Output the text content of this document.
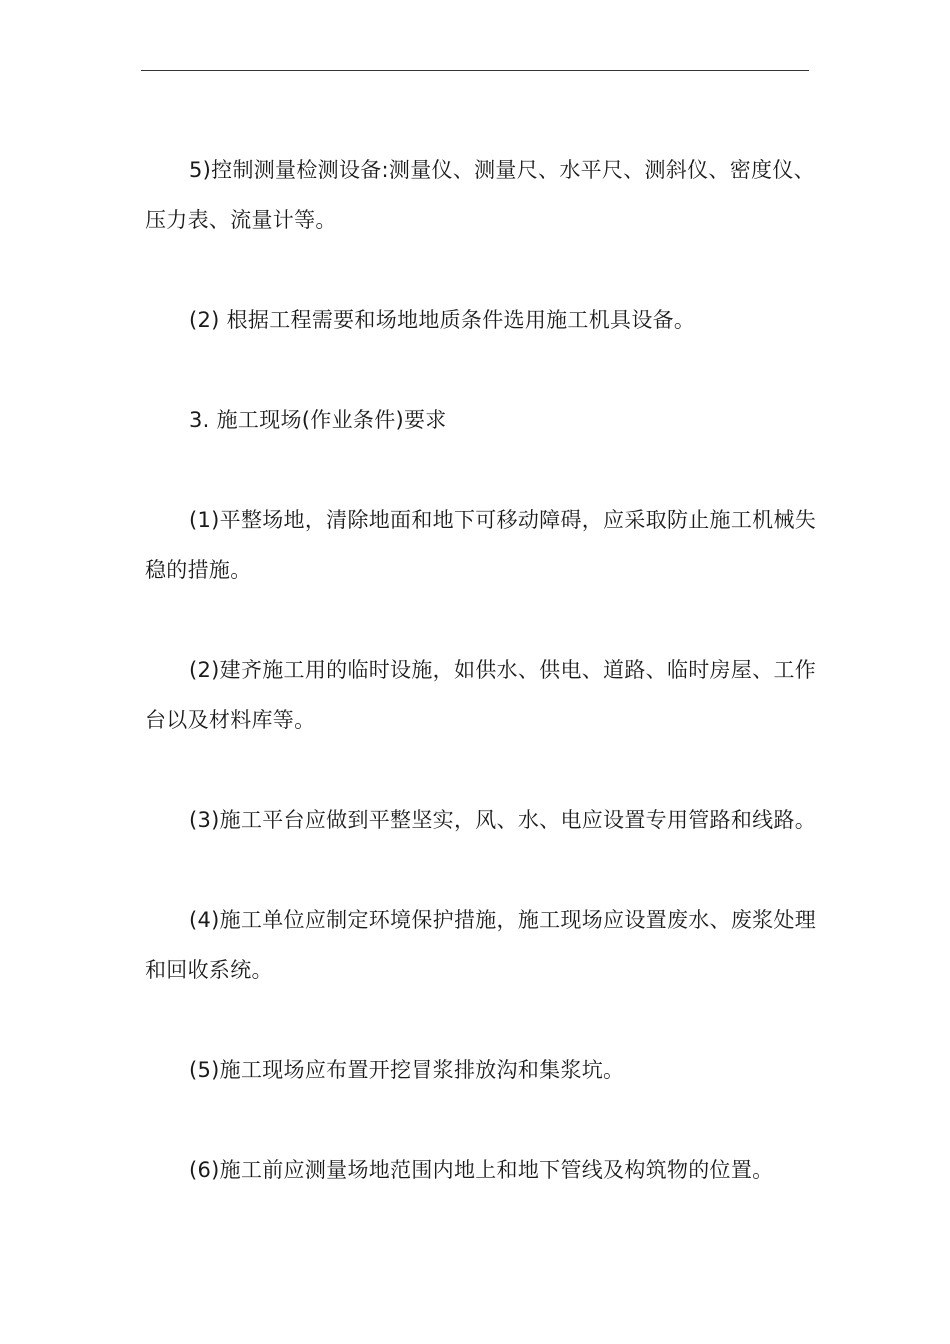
5)控制测量检测设备:测量仪、测量尺、水平尺、测斜仪、密度仪、压力表、流量计等。

(2) 根据工程需要和场地地质条件选用施工机具设备。

3. 施工现场(作业条件)要求

(1)平整场地，清除地面和地下可移动障碍，应采取防止施工机械失稳的措施。

(2)建齐施工用的临时设施，如供水、供电、道路、临时房屋、工作台以及材料库等。

(3)施工平台应做到平整坚实，风、水、电应设置专用管路和线路。

(4)施工单位应制定环境保护措施，施工现场应设置废水、废浆处理和回收系统。

(5)施工现场应布置开挖冒浆排放沟和集浆坑。

(6)施工前应测量场地范围内地上和地下管线及构筑物的位置。
